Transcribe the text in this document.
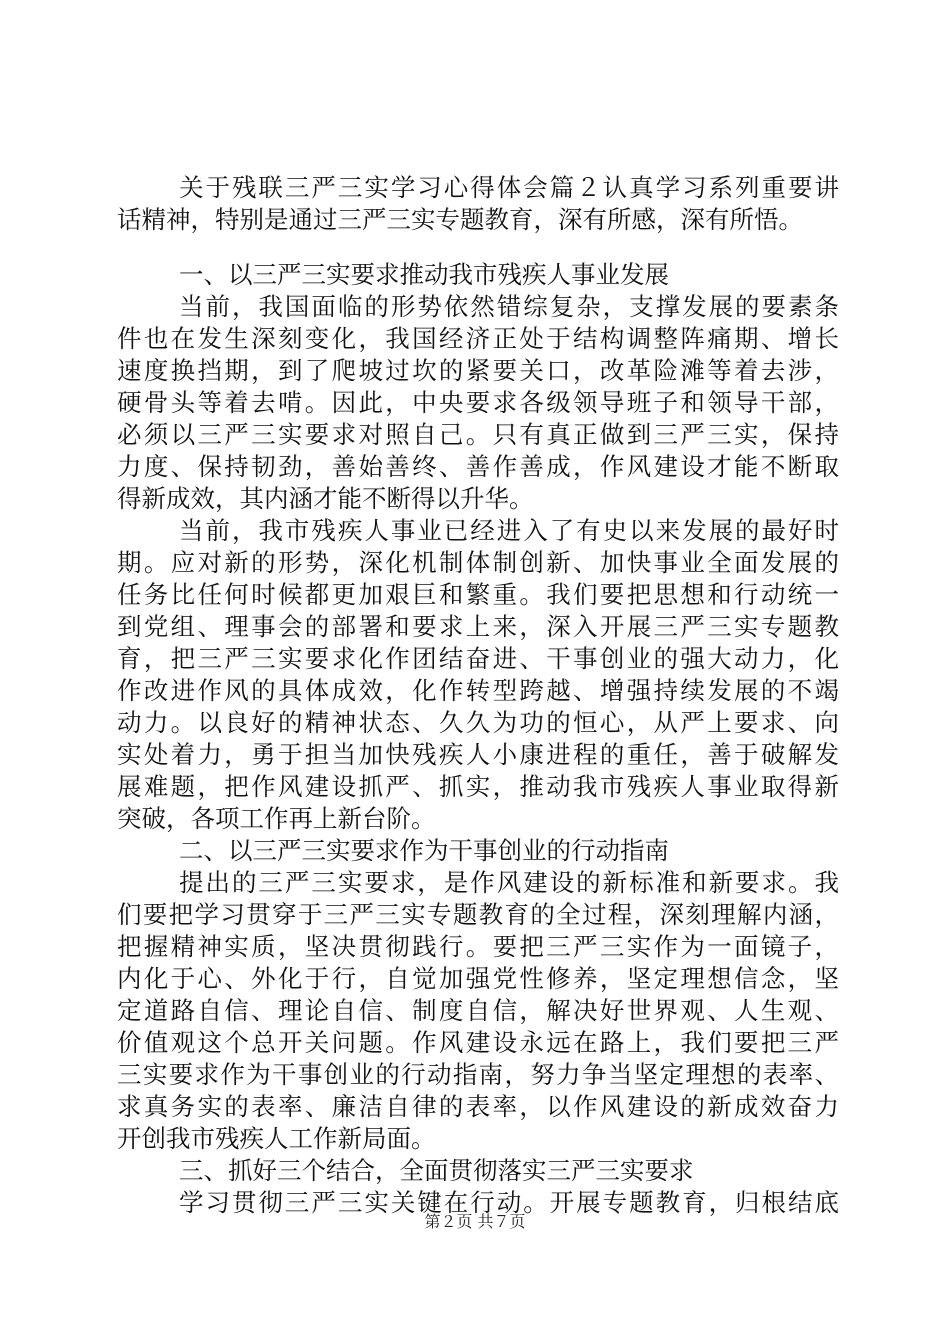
关于残联三严三实学习心得体会篇２认真学习系列重要讲
话精神，特别是通过三严三实专题教育，深有所感，深有所悟。
一、以三严三实要求推动我市残疾人事业发展
当前，我国面临的形势依然错综复杂，支撑发展的要素条
件也在发生深刻变化，我国经济正处于结构调整阵痛期、增长
速度换挡期，到了爬坡过坎的紧要关口，改革险滩等着去涉，
硬骨头等着去啃。因此，中央要求各级领导班子和领导干部，
必须以三严三实要求对照自己。只有真正做到三严三实，保持
力度、保持韧劲，善始善终、善作善成，作风建设才能不断取
得新成效，其内涵才能不断得以升华。
当前，我市残疾人事业已经进入了有史以来发展的最好时
期。应对新的形势，深化机制体制创新、加快事业全面发展的
任务比任何时候都更加艰巨和繁重。我们要把思想和行动统一
到党组、理事会的部署和要求上来，深入开展三严三实专题教
育，把三严三实要求化作团结奋进、干事创业的强大动力，化
作改进作风的具体成效，化作转型跨越、增强持续发展的不竭
动力。以良好的精神状态、久久为功的恒心，从严上要求、向
实处着力，勇于担当加快残疾人小康进程的重任，善于破解发
展难题，把作风建设抓严、抓实，推动我市残疾人事业取得新
突破，各项工作再上新台阶。
二、以三严三实要求作为干事创业的行动指南
提出的三严三实要求，是作风建设的新标准和新要求。我
们要把学习贯穿于三严三实专题教育的全过程，深刻理解内涵，
把握精神实质，坚决贯彻践行。要把三严三实作为一面镜子，
内化于心、外化于行，自觉加强党性修养，坚定理想信念，坚
定道路自信、理论自信、制度自信，解决好世界观、人生观、
价值观这个总开关问题。作风建设永远在路上，我们要把三严
三实要求作为干事创业的行动指南，努力争当坚定理想的表率、
求真务实的表率、廉洁自律的表率，以作风建设的新成效奋力
开创我市残疾人工作新局面。
三、抓好三个结合，全面贯彻落实三严三实要求
学习贯彻三严三实关键在行动。开展专题教育，归根结底
第２页 共７页
